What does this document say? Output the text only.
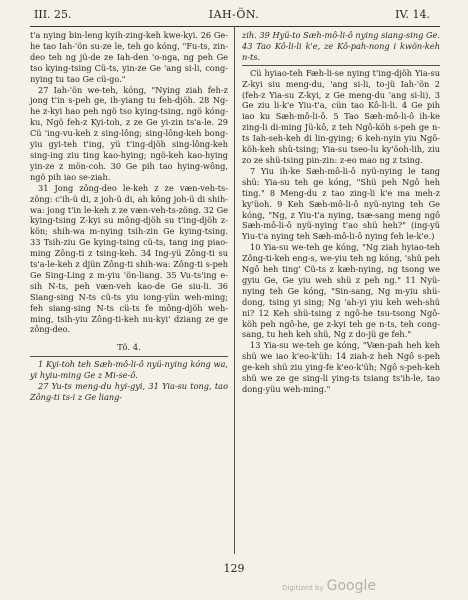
III. 25.	IAH-ÖN.	IV. 14.

t'a nying bin-leng kyih-zing-keh kwe-kyi. 26 Ge-he tao Iah-'ön su-ze le, teh go kóng, "Fu-ts, zin-deo teh ng jü-de ze Iah-den 'o-nga, ng peh Ge tso kying-tsing Cü-ts, yin-ze Ge 'ang si-li, cong-nying tu tao Ge cü-go."

27 Iah-'ön we-teh, kóng, "Nying ziah feh-z jong t'in s-peh ge, ih-yiang tu feh-djöh. 28 Ng-he z-kyi hao peh ngö tso kying-tsing, ngö kóng-ku, Ngö feh-z Kyi-toh, z ze Ge yi-zin ts'a-le. 29 Cü 'ing-vu-keh z sing-lông; sing-lông-keh bong-yiu gyi-teh t'ing, yü t'ing-djöh sing-lông-keh sing-ing ziu ting kao-hying; ngö-keh kao-hying yin-ze z mön-coh. 30 Ge pih tao hying-wông, ngö pih iao se-ziah.

31 Jong zông-deo le-keh z ze væn-veh-ts-zöng: c'ih-ü di, z joh-ü di, ah kóng joh-ü di shih-wa: jong t'in le-keh z ze væn-veh-ts-zöng. 32 Ge kying-tsing Z-kyi su mông-djöh su t'ing-djöh z-kön; shih-wa m-nying tsih-zin Ge kying-tsing. 33 Tsih-ziu Ge kying-tsing cü-ts, tang ing piao-ming Zông-ti z tsing-keh. 34 Ing-yü Zông-ti su ts'a-le-keh z djün Zông-ti shih-wa: Zông-ti s-peh Ge Sing-Ling z m-yiu 'ön-liang. 35 Vu-ts'ing e-sih N-ts, peh væn-veh kao-de Ge siu-li. 36 Siang-sing N-ts cü-ts yiu iong-yün weh-ming; feh siang-sing N-ts cü-ts fe mông-djöh weh-ming, tsih-yiu Zông-ti-keh nu-kyi' dziang ze ge zông-deo.

Tö. 4.

1 Kyi-toh teh Sæh-mô-li-ô nyü-nying kóng wa, yi hyiu-ming Ge z Mi-se-ô.

27 Yu-ts meng-du hyi-gyi, 31 Yia-su tong, tao Zông-ti ts-i z Ge liang-

zih. 39 Hyü-to Sæh-mô-li-ô nying siang-sing Ge. 43 Tao Kô-li-li k'e, ze Kô-pah-nong i kwön-keh n-ts.

Cü hyiao-teh Fæh-li-se nying t'ing-djöh Yia-su Z-kyi siu meng-du, 'ang si-li, to-jü Iah-'ön 2 (feh-z Yia-su Z-kyi, z Ge meng-du 'ang si-li), 3 Ge ziu li-k'e Yiu-t'a, cün tao Kô-li-li. 4 Ge pih iao ku Sæh-mô-li-ô. 5 Tao Sæh-mô-li-ô ih-ke zing-li di-ming Jü-kô, z teh Ngô-köh s-peh ge n-ts Iah-seh-keh di lin-gying; 6 keh-nyin yiu Ngô-köh-keh shü-tsing; Yia-su tseo-lu ky'öoh-lih, ziu zo ze shü-tsing pin-zin: z-eo mao ng z tsing.

7 Yiu ih-ke Sæh-mô-li-ô nyü-nying le tang shü: Yia-su teh ge kóng, "Shü peh Ngô heh ting." 8 Meng-du z tao zing-li k'e ma meh-z ky'üoh. 9 Keh Sæh-mô-li-ô nyü-nying teh Ge kóng, "Ng, z Yiu-t'a nying, tsæ-sang meng ngô Sæh-mô-li-ô nyü-nying t'ao shü heh?" (ing-yü Yiu-t'a nying teh Sæh-mô-li-ô nying feh le-k'e.)

10 Yia-su we-teh ge kóng, "Ng ziah hyiao-teh Zông-ti-keh eng-s, we-yiu teh ng kóng, 'shü peh Ngô heh ting' Cü-ts z kæh-nying, ng tsong we gyiu Ge, Ge yiu weh shü z peh ng." 11 Nyü-nying teh Ge kóng, "Sin-sang, Ng m-yiu shü-dong, tsing yi sing; Ng 'ah-yi yiu keh weh-shü ni? 12 Keh shü-tsing z ngô-he tsu-tsong Ngô-köh peh ngô-he, ge z-kyi teh ge n-ts, teh cong-sang, tu heh keh shü, Ng z do-jü ge feh."

13 Yia-su we-teh ge kóng, "Væn-pah heh keh shü we iao k'eo-k'üh: 14 ziah-z heh Ngô s-peh ge-keh shü ziu ying-fe k'eo-k'üh; Ngô s-peh-keh shü we ze ge sing-li ying-ts tsiang ts'ih-le, tao dong-yüu weh-ming."

129
Digitized by Google
